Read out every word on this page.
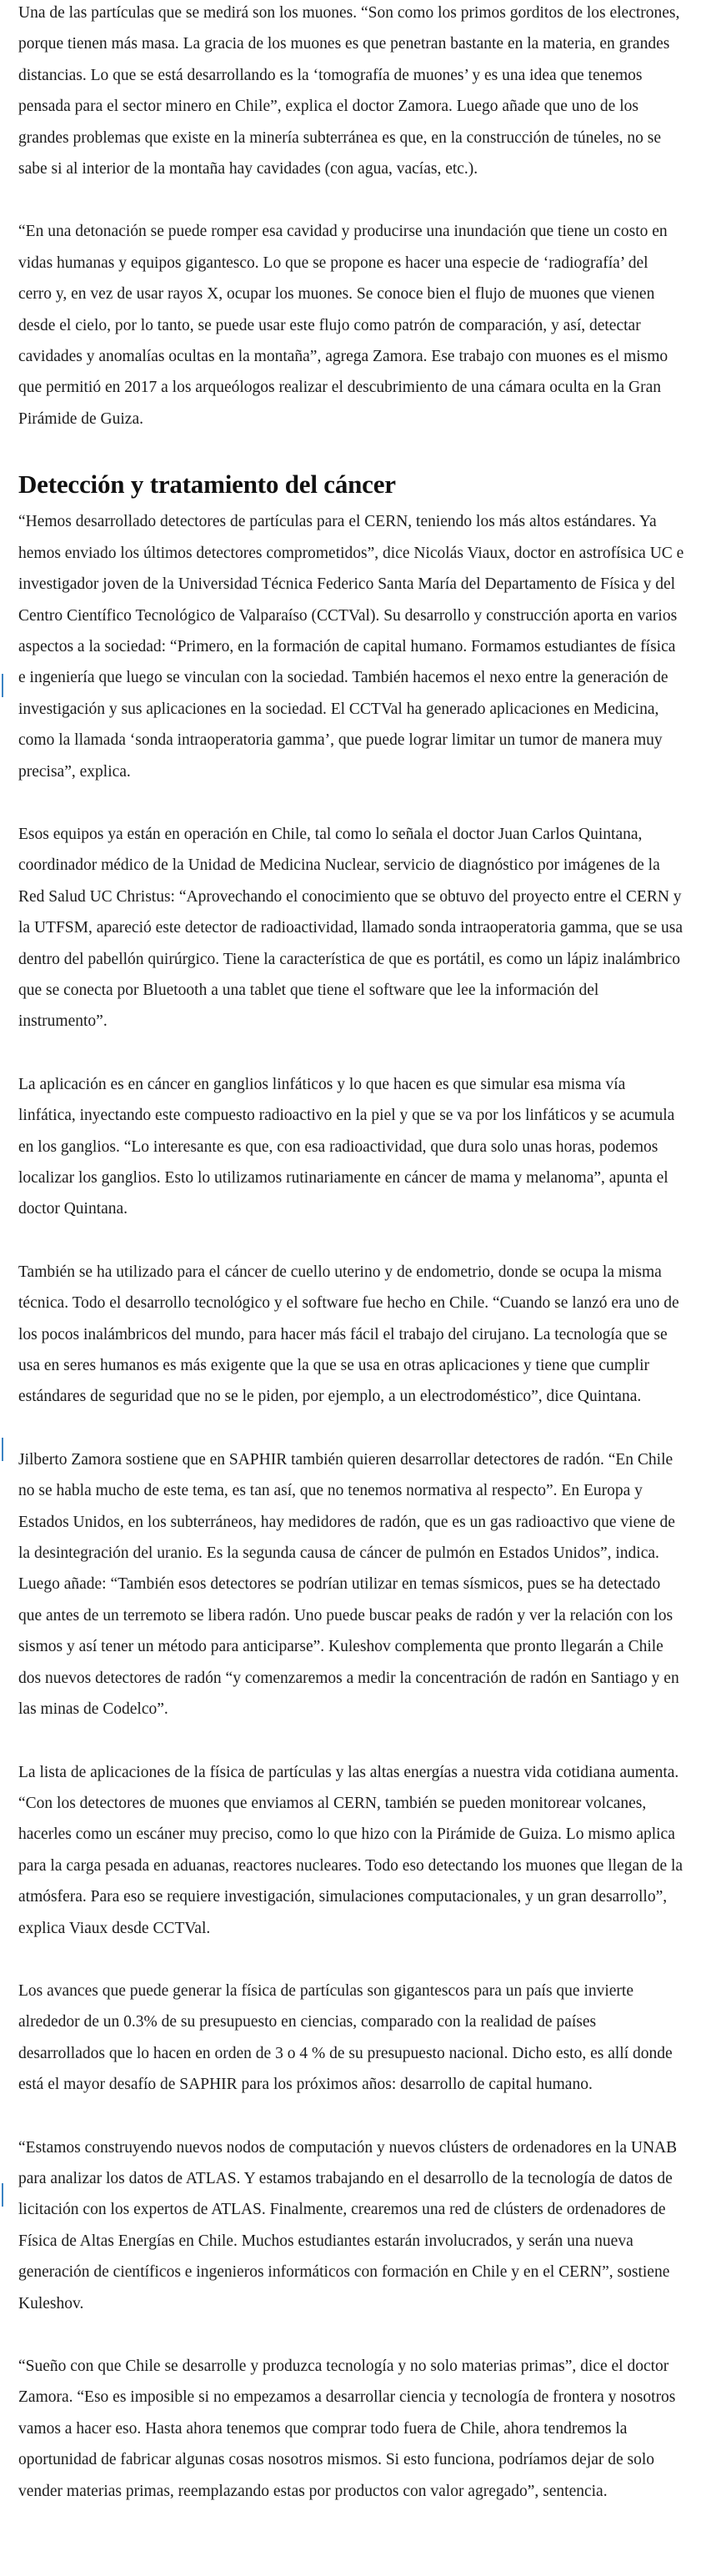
Una de las partículas que se medirá son los muones. “Son como los primos gorditos de los electrones, porque tienen más masa. La gracia de los muones es que penetran bastante en la materia, en grandes distancias. Lo que se está desarrollando es la ‘tomografía de muones’ y es una idea que tenemos pensada para el sector minero en Chile”, explica el doctor Zamora. Luego añade que uno de los grandes problemas que existe en la minería subterránea es que, en la construcción de túneles, no se sabe si al interior de la montaña hay cavidades (con agua, vacías, etc.).

“En una detonación se puede romper esa cavidad y producirse una inundación que tiene un costo en vidas humanas y equipos gigantesco. Lo que se propone es hacer una especie de ‘radiografía’ del cerro y, en vez de usar rayos X, ocupar los muones. Se conoce bien el flujo de muones que vienen desde el cielo, por lo tanto, se puede usar este flujo como patrón de comparación, y así, detectar cavidades y anomalías ocultas en la montaña”, agrega Zamora. Ese trabajo con muones es el mismo que permitió en 2017 a los arqueólogos realizar el descubrimiento de una cámara oculta en la Gran Pirámide de Guiza.

Detección y tratamiento del cáncer

“Hemos desarrollado detectores de partículas para el CERN, teniendo los más altos estándares. Ya hemos enviado los últimos detectores comprometidos”, dice Nicolás Viaux, doctor en astrofísica UC e investigador joven de la Universidad Técnica Federico Santa María del Departamento de Física y del Centro Científico Tecnológico de Valparaíso (CCTVal). Su desarrollo y construcción aporta en varios aspectos a la sociedad: “Primero, en la formación de capital humano. Formamos estudiantes de física e ingeniería que luego se vinculan con la sociedad. También hacemos el nexo entre la generación de investigación y sus aplicaciones en la sociedad. El CCTVal ha generado aplicaciones en Medicina, como la llamada ‘sonda intraoperatoria gamma’, que puede lograr limitar un tumor de manera muy precisa”, explica.

Esos equipos ya están en operación en Chile, tal como lo señala el doctor Juan Carlos Quintana, coordinador médico de la Unidad de Medicina Nuclear, servicio de diagnóstico por imágenes de la Red Salud UC Christus: “Aprovechando el conocimiento que se obtuvo del proyecto entre el CERN y la UTFSM, apareció este detector de radioactividad, llamado sonda intraoperatoria gamma, que se usa dentro del pabellón quirúrgico. Tiene la característica de que es portátil, es como un lápiz inalámbrico que se conecta por Bluetooth a una tablet que tiene el software que lee la información del instrumento”.

La aplicación es en cáncer en ganglios linfáticos y lo que hacen es que simular esa misma vía linfática, inyectando este compuesto radioactivo en la piel y que se va por los linfáticos y se acumula en los ganglios. “Lo interesante es que, con esa radioactividad, que dura solo unas horas, podemos localizar los ganglios. Esto lo utilizamos rutinariamente en cáncer de mama y melanoma”, apunta el doctor Quintana.

También se ha utilizado para el cáncer de cuello uterino y de endometrio, donde se ocupa la misma técnica. Todo el desarrollo tecnológico y el software fue hecho en Chile. “Cuando se lanzó era uno de los pocos inalámbricos del mundo, para hacer más fácil el trabajo del cirujano. La tecnología que se usa en seres humanos es más exigente que la que se usa en otras aplicaciones y tiene que cumplir estándares de seguridad que no se le piden, por ejemplo, a un electrodoméstico”, dice Quintana.

Jilberto Zamora sostiene que en SAPHIR también quieren desarrollar detectores de radón. “En Chile no se habla mucho de este tema, es tan así, que no tenemos normativa al respecto”. En Europa y Estados Unidos, en los subterráneos, hay medidores de radón, que es un gas radioactivo que viene de la desintegración del uranio. Es la segunda causa de cáncer de pulmón en Estados Unidos”, indica. Luego añade: “También esos detectores se podrían utilizar en temas sísmicos, pues se ha detectado que antes de un terremoto se libera radón. Uno puede buscar peaks de radón y ver la relación con los sismos y así tener un método para anticiparse”. Kuleshov complementa que pronto llegarán a Chile dos nuevos detectores de radón “y comenzaremos a medir la concentración de radón en Santiago y en las minas de Codelco”.

La lista de aplicaciones de la física de partículas y las altas energías a nuestra vida cotidiana aumenta. “Con los detectores de muones que enviamos al CERN, también se pueden monitorear volcanes, hacerles como un escáner muy preciso, como lo que hizo con la Pirámide de Guiza. Lo mismo aplica para la carga pesada en aduanas, reactores nucleares. Todo eso detectando los muones que llegan de la atmósfera. Para eso se requiere investigación, simulaciones computacionales, y un gran desarrollo”, explica Viaux desde CCTVal.

Los avances que puede generar la física de partículas son gigantescos para un país que invierte alrededor de un 0.3% de su presupuesto en ciencias, comparado con la realidad de países desarrollados que lo hacen en orden de 3 o 4 % de su presupuesto nacional. Dicho esto, es allí donde está el mayor desafío de SAPHIR para los próximos años: desarrollo de capital humano.

“Estamos construyendo nuevos nodos de computación y nuevos clústers de ordenadores en la UNAB para analizar los datos de ATLAS. Y estamos trabajando en el desarrollo de la tecnología de datos de licitación con los expertos de ATLAS. Finalmente, crearemos una red de clústers de ordenadores de Física de Altas Energías en Chile. Muchos estudiantes estarán involucrados, y serán una nueva generación de científicos e ingenieros informáticos con formación en Chile y en el CERN”, sostiene Kuleshov.

“Sueño con que Chile se desarrolle y produzca tecnología y no solo materias primas”, dice el doctor Zamora. “Eso es imposible si no empezamos a desarrollar ciencia y tecnología de frontera y nosotros vamos a hacer eso. Hasta ahora tenemos que comprar todo fuera de Chile, ahora tendremos la oportunidad de fabricar algunas cosas nosotros mismos. Si esto funciona, podríamos dejar de solo vender materias primas, reemplazando estas por productos con valor agregado”, sentencia.
